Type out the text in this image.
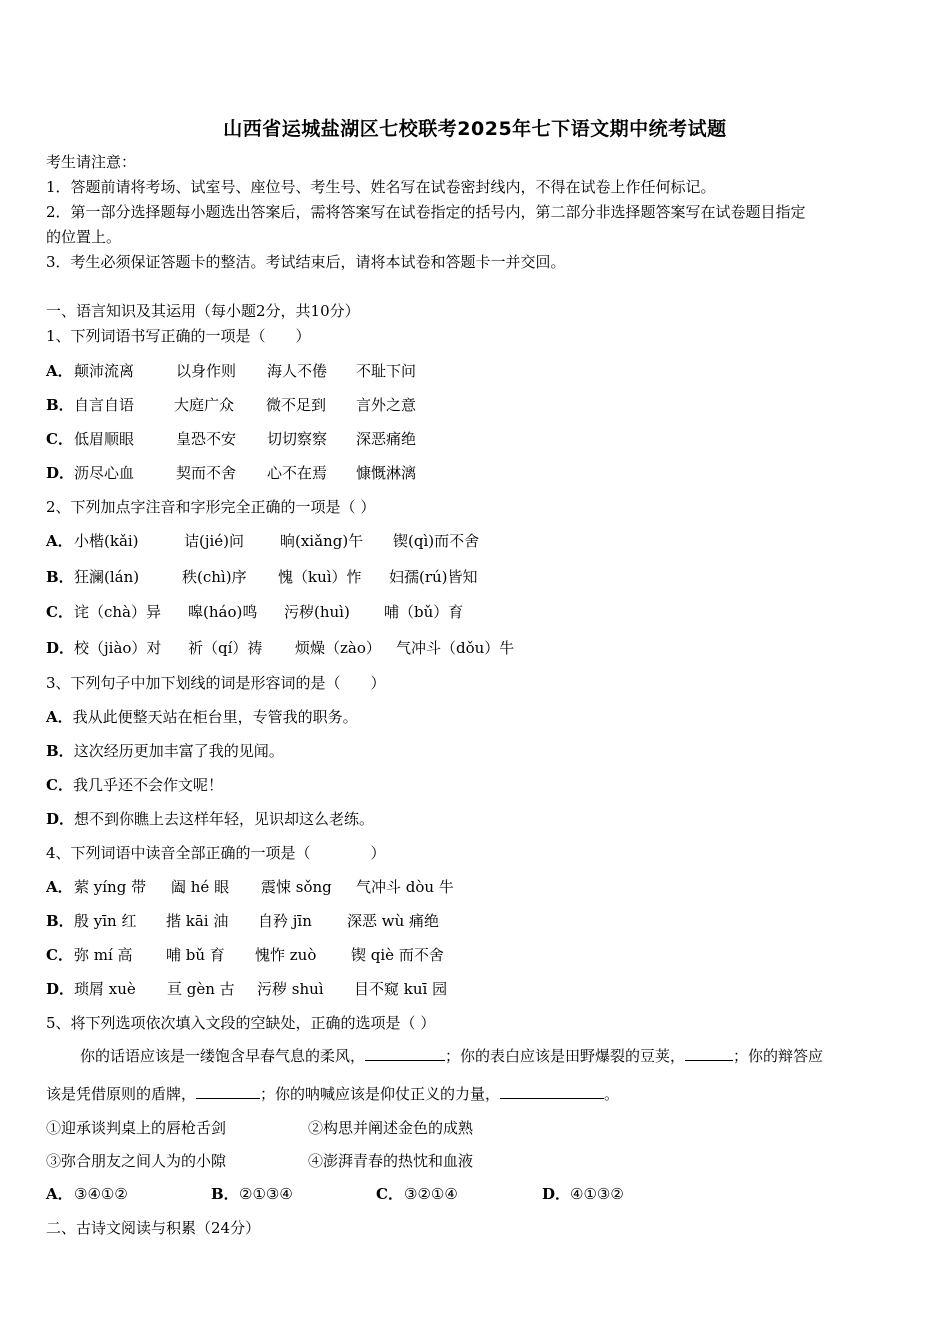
山西省运城盐湖区七校联考2025年七下语文期中统考试题
考生请注意：
1．答题前请将考场、试室号、座位号、考生号、姓名写在试卷密封线内，不得在试卷上作任何标记。
2．第一部分选择题每小题选出答案后，需将答案写在试卷指定的括号内，第二部分非选择题答案写在试卷题目指定
的位置上。
3．考生必须保证答题卡的整洁。考试结束后，请将本试卷和答题卡一并交回。
一、语言知识及其运用（每小题2分，共10分）
1、下列词语书写正确的一项是（　　）
A． 颠沛流离	以身作则 海人不倦 不耻下问
B． 自言自语	大庭广众 微不足到 言外之意
C． 低眉顺眼	皇恐不安 切切察察 深恶痛绝
D． 沥尽心血	契而不舍 心不在焉 慷慨淋漓
2、下列加点字注音和字形完全正确的一项是（ ）
A． 小楷(kǎi)	诘(jié)问 晌(xiǎng)午 锲(qì)而不舍
B． 狂澜(lán)	秩(chì)序 愧（kuì）怍 妇孺(rú)皆知
C． 诧（chà）异 嗥(háo)鸣 污秽(huì) 哺（bǔ）育
D． 校（jiào）对 祈（qí）祷 烦燥（zào） 气冲斗（dǒu）牛
3、下列句子中加下划线的词是形容词的是（　　）
A．我从此便整天站在柜台里，专管我的职务。
B．这次经历更加丰富了我的见闻。
C．我几乎还不会作文呢！
D．想不到你瞧上去这样年轻，见识却这么老练。
4、下列词语中读音全部正确的一项是（　　　　）
A． 萦 yíng 带 阖 hé 眼 震悚 sǒng 气冲斗 dòu 牛
B． 殷 yīn 红 揩 kāi 油 自矜 jīn 深恶 wù 痛绝
C． 弥 mí 高 哺 bǔ 育 愧怍 zuò 锲 qiè 而不舍
D． 琐屑 xuè 亘 gèn 古 污秽 shuì 目不窥 kuī 园
5、将下列选项依次填入文段的空缺处，正确的选项是（ ）
你的话语应该是一缕饱含早春气息的柔风，	；你的表白应该是田野爆裂的豆荚，	；你的辩答应
该是凭借原则的盾牌，	；你的呐喊应该是仰仗正义的力量，	。
①迎承谈判桌上的唇枪舌剑	②构思并阐述金色的成熟
③弥合朋友之间人为的小隙	④澎湃青春的热忱和血液
A． ③④①②	B． ②①③④	C． ③②①④	D． ④①③②
二、古诗文阅读与积累（24分）
